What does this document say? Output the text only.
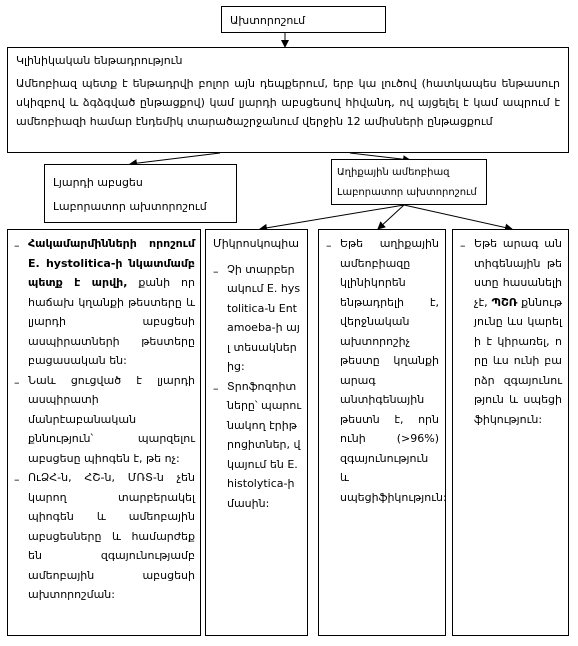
Ախտորոշում
Կլինիկական ենթադրություն
Ամեոբիազ պետք է ենթադրվի բոլոր այն դեպքերում, երբ կա լուծով (հատկապես ենթասուր սկիզբով և ձգձգված ընթացքով) կամ լյարդի աբսցեսով հիվանդ, ով այցելել է կամ ապրում է ամեոբիազի համար էնդեմիկ տարածաշրջանում վերջին 12 ամիսների ընթացքում
Լյարդի աբսցես
Լաբորատոր ախտորոշում
Աղիքային ամեոբիազ
Լաբորատոր ախտորոշում
– Հակամարմինների որոշում E. hystolitica-ի նկատմամբ պետք է արվի, քանի որ հաճախ կղանքի թեստերը և լյարդի աբսցեսի ասպիրատների թեստերը բացասական են:
– Նաև ցուցված է լյարդի ասպիրատի մանրէաբանական քննություն՝ պարզելու աբսցեսը պիոգեն է, թե ոչ:
– ՈւՁՀ-ն, ՀՇ-ն, ՄՌՏ-ն չեն կարող տարբերակել պիոգեն և ամեոբային աբսցեսները և համարժեք են զգայունությամբ ամեոբային աբսցեսի ախտորոշման:
Միկրոսկոպիա
– Չի տարբերակում E. hystolitica-ն Entamoeba-ի այլ տեսակներից:
– Տրոֆոզոիտները՝ պարունակող էրիթրոցիտներ, վկայում են E. histolytica-ի մասին:
– Եթե աղիքային ամեոբիազը կլինիկորեն ենթադրելի է, վերջնական ախտորոշիչ թեստը կղանքի արագ անտիգենային թեստն է, որն ունի (>96%) զգայունություն և սպեցիֆիկություն:
– Եթե արագ անտիգենային թեստը հասանելի չէ, ՊՇՌ քննությունը ևս կարելի է կիրառել, որը ևս ունի բարձր զգայունություն և սպեցիֆիկություն:
